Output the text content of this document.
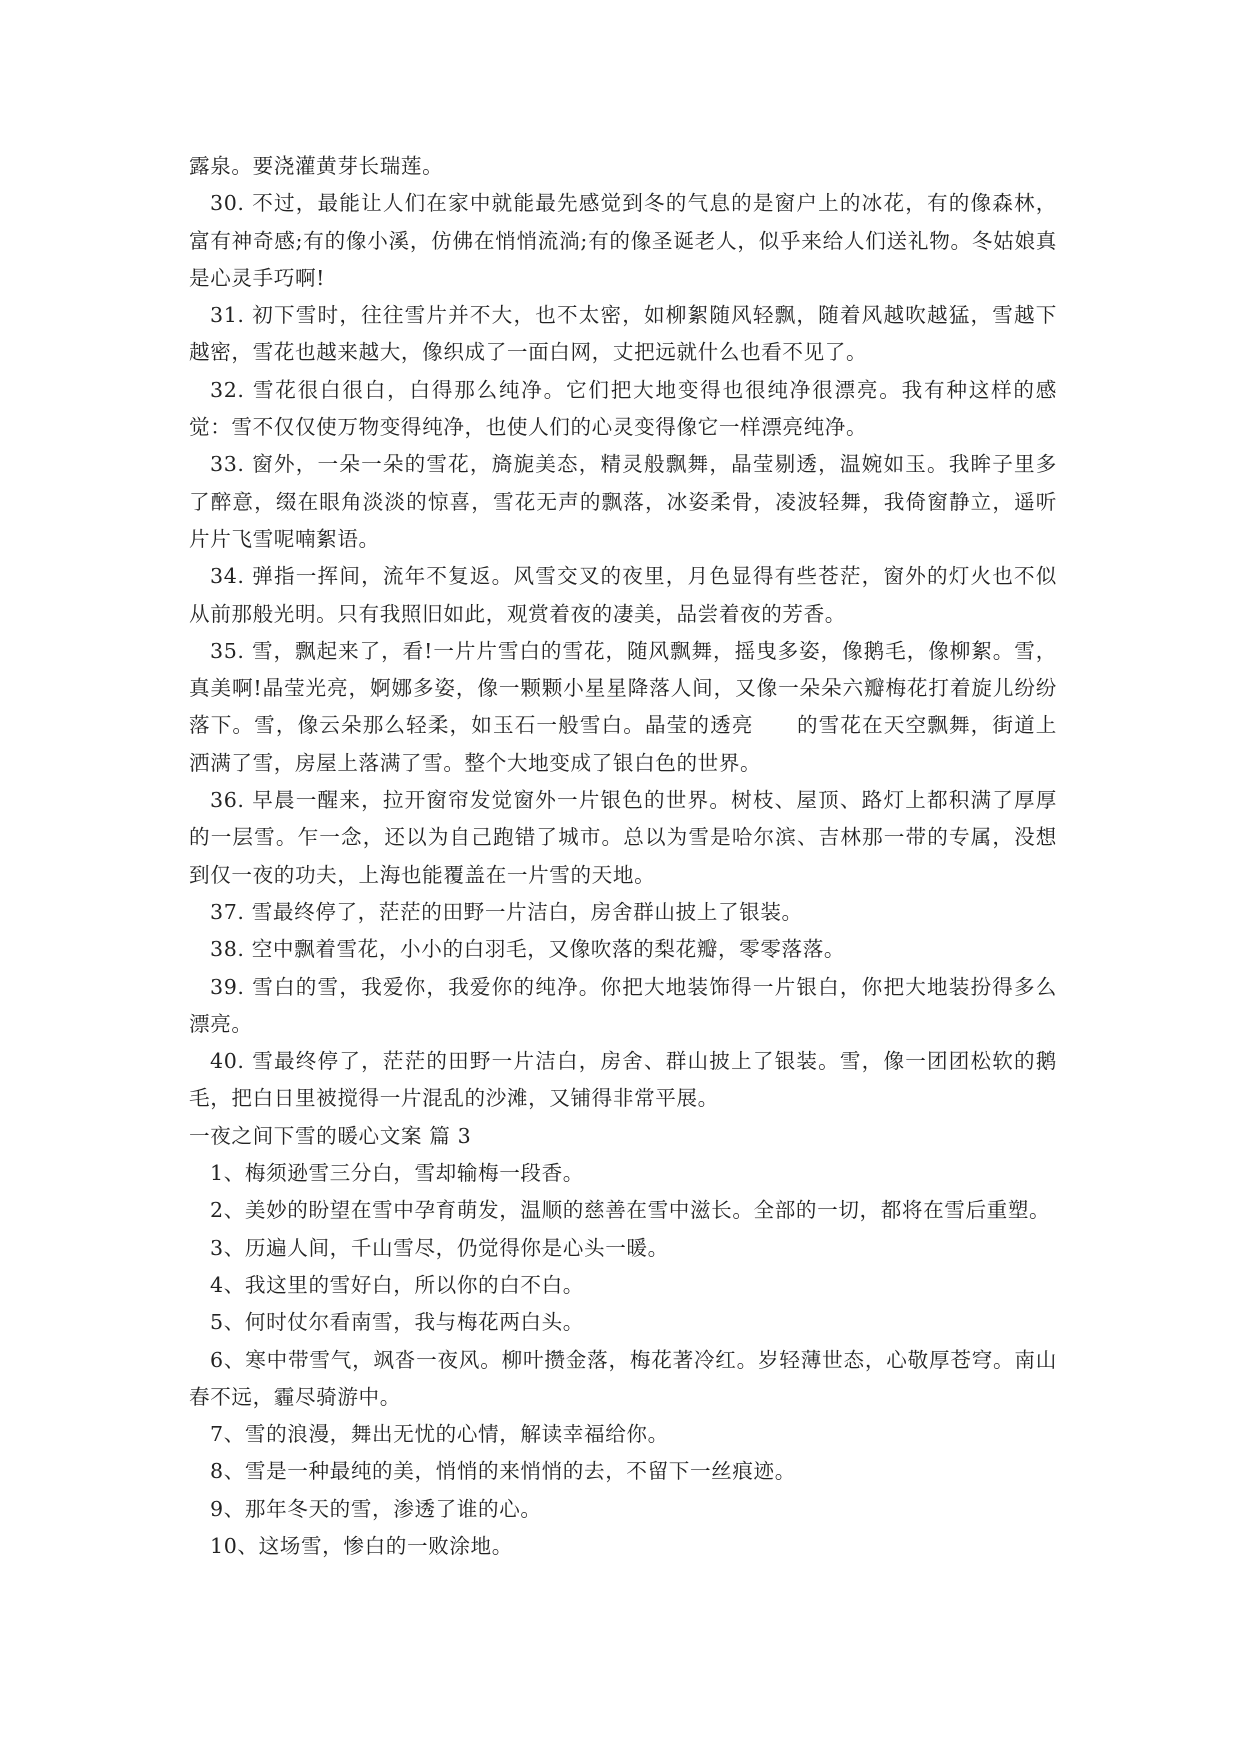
露泉。要浇灌黄芽长瑞莲。

30. 不过，最能让人们在家中就能最先感觉到冬的气息的是窗户上的冰花，有的像森林，富有神奇感;有的像小溪，仿佛在悄悄流淌;有的像圣诞老人，似乎来给人们送礼物。冬姑娘真是心灵手巧啊!

31. 初下雪时，往往雪片并不大，也不太密，如柳絮随风轻飘，随着风越吹越猛，雪越下越密，雪花也越来越大，像织成了一面白网，丈把远就什么也看不见了。

32. 雪花很白很白，白得那么纯净。它们把大地变得也很纯净很漂亮。我有种这样的感觉：雪不仅仅使万物变得纯净，也使人们的心灵变得像它一样漂亮纯净。

33. 窗外，一朵一朵的雪花，旖旎美态，精灵般飘舞，晶莹剔透，温婉如玉。我眸子里多了醉意，缀在眼角淡淡的惊喜，雪花无声的飘落，冰姿柔骨，凌波轻舞，我倚窗静立，遥听片片飞雪呢喃絮语。

34. 弹指一挥间，流年不复返。风雪交叉的夜里，月色显得有些苍茫，窗外的灯火也不似从前那般光明。只有我照旧如此，观赏着夜的凄美，品尝着夜的芳香。

35. 雪，飘起来了，看!一片片雪白的雪花，随风飘舞，摇曳多姿，像鹅毛，像柳絮。雪，真美啊!晶莹光亮，婀娜多姿，像一颗颗小星星降落人间，又像一朵朵六瓣梅花打着旋儿纷纷落下。雪，像云朵那么轻柔，如玉石一般雪白。晶莹的透亮　　的雪花在天空飘舞，街道上洒满了雪，房屋上落满了雪。整个大地变成了银白色的世界。

36. 早晨一醒来，拉开窗帘发觉窗外一片银色的世界。树枝、屋顶、路灯上都积满了厚厚的一层雪。乍一念，还以为自己跑错了城市。总以为雪是哈尔滨、吉林那一带的专属，没想到仅一夜的功夫，上海也能覆盖在一片雪的天地。

37. 雪最终停了，茫茫的田野一片洁白，房舍群山披上了银装。

38. 空中飘着雪花，小小的白羽毛，又像吹落的梨花瓣，零零落落。

39. 雪白的雪，我爱你，我爱你的纯净。你把大地装饰得一片银白，你把大地装扮得多么漂亮。

40. 雪最终停了，茫茫的田野一片洁白，房舍、群山披上了银装。雪，像一团团松软的鹅毛，把白日里被搅得一片混乱的沙滩，又铺得非常平展。

一夜之间下雪的暖心文案 篇 3

1、梅须逊雪三分白，雪却输梅一段香。

2、美妙的盼望在雪中孕育萌发，温顺的慈善在雪中滋长。全部的一切，都将在雪后重塑。

3、历遍人间，千山雪尽，仍觉得你是心头一暖。

4、我这里的雪好白，所以你的白不白。

5、何时仗尔看南雪，我与梅花两白头。

6、寒中带雪气，飒沓一夜风。柳叶攒金落，梅花著冷红。岁轻薄世态，心敬厚苍穹。南山春不远，霾尽骑游中。

7、雪的浪漫，舞出无忧的心情，解读幸福给你。

8、雪是一种最纯的美，悄悄的来悄悄的去，不留下一丝痕迹。

9、那年冬天的雪，渗透了谁的心。

10、这场雪，惨白的一败涂地。
